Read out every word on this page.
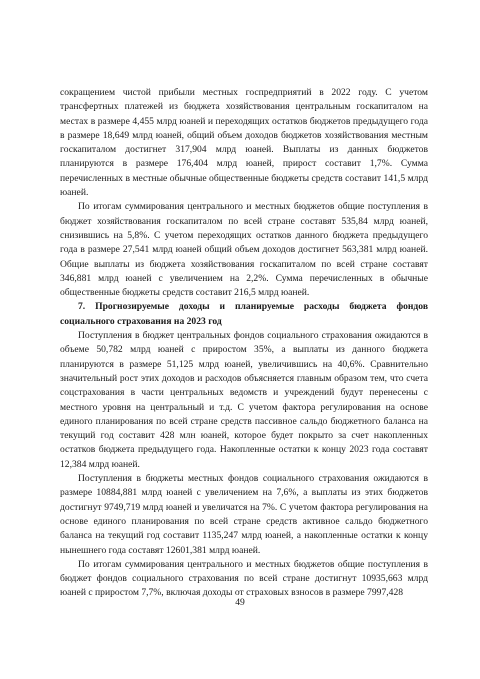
сокращением чистой прибыли местных госпредприятий в 2022 году. С учетом трансфертных платежей из бюджета хозяйствования центральным госкапиталом на местах в размере 4,455 млрд юаней и переходящих остатков бюджетов предыдущего года в размере 18,649 млрд юаней, общий объем доходов бюджетов хозяйствования местным госкапиталом достигнет 317,904 млрд юаней. Выплаты из данных бюджетов планируются в размере 176,404 млрд юаней, прирост составит 1,7%. Сумма перечисленных в местные обычные общественные бюджеты средств составит 141,5 млрд юаней.

По итогам суммирования центрального и местных бюджетов общие поступления в бюджет хозяйствования госкапиталом по всей стране составят 535,84 млрд юаней, снизившись на 5,8%. С учетом переходящих остатков данного бюджета предыдущего года в размере 27,541 млрд юаней общий объем доходов достигнет 563,381 млрд юаней. Общие выплаты из бюджета хозяйствования госкапиталом по всей стране составят 346,881 млрд юаней с увеличением на 2,2%. Сумма перечисленных в обычные общественные бюджеты средств составит 216,5 млрд юаней.

7. Прогнозируемые доходы и планируемые расходы бюджета фондов социального страхования на 2023 год

Поступления в бюджет центральных фондов социального страхования ожидаются в объеме 50,782 млрд юаней с приростом 35%, а выплаты из данного бюджета планируются в размере 51,125 млрд юаней, увеличившись на 40,6%. Сравнительно значительный рост этих доходов и расходов объясняется главным образом тем, что счета соцстрахования в части центральных ведомств и учреждений будут перенесены с местного уровня на центральный и т.д. С учетом фактора регулирования на основе единого планирования по всей стране средств пассивное сальдо бюджетного баланса на текущий год составит 428 млн юаней, которое будет покрыто за счет накопленных остатков бюджета предыдущего года. Накопленные остатки к концу 2023 года составят 12,384 млрд юаней.

Поступления в бюджеты местных фондов социального страхования ожидаются в размере 10884,881 млрд юаней с увеличением на 7,6%, а выплаты из этих бюджетов достигнут 9749,719 млрд юаней и увеличатся на 7%. С учетом фактора регулирования на основе единого планирования по всей стране средств активное сальдо бюджетного баланса на текущий год составит 1135,247 млрд юаней, а накопленные остатки к концу нынешнего года составят 12601,381 млрд юаней.

По итогам суммирования центрального и местных бюджетов общие поступления в бюджет фондов социального страхования по всей стране достигнут 10935,663 млрд юаней с приростом 7,7%, включая доходы от страховых взносов в размере 7997,428

49
